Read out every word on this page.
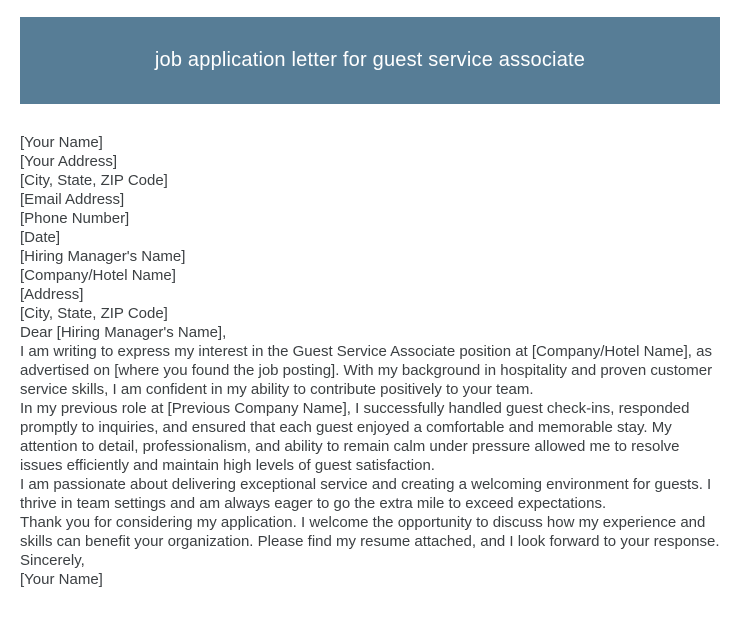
job application letter for guest service associate
[Your Name]
[Your Address]
[City, State, ZIP Code]
[Email Address]
[Phone Number]
[Date]
[Hiring Manager's Name]
[Company/Hotel Name]
[Address]
[City, State, ZIP Code]
Dear [Hiring Manager's Name],

I am writing to express my interest in the Guest Service Associate position at [Company/Hotel Name], as advertised on [where you found the job posting]. With my background in hospitality and proven customer service skills, I am confident in my ability to contribute positively to your team.

In my previous role at [Previous Company Name], I successfully handled guest check-ins, responded promptly to inquiries, and ensured that each guest enjoyed a comfortable and memorable stay. My attention to detail, professionalism, and ability to remain calm under pressure allowed me to resolve issues efficiently and maintain high levels of guest satisfaction.

I am passionate about delivering exceptional service and creating a welcoming environment for guests. I thrive in team settings and am always eager to go the extra mile to exceed expectations.

Thank you for considering my application. I welcome the opportunity to discuss how my experience and skills can benefit your organization. Please find my resume attached, and I look forward to your response.

Sincerely,
[Your Name]
